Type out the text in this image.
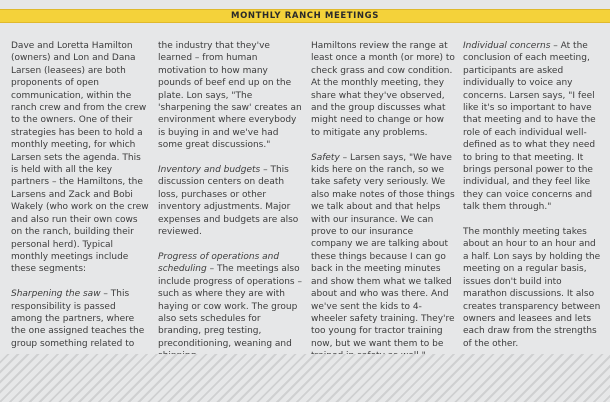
MONTHLY RANCH MEETINGS

Dave and Loretta Hamilton (owners) and Lon and Dana Larsen (leasees) are both proponents of open communication, within the ranch crew and from the crew to the owners. One of their strategies has been to hold a monthly meeting, for which Larsen sets the agenda. This is held with all the key partners – the Hamiltons, the Larsens and Zack and Bobi Wakely (who work on the crew and also run their own cows on the ranch, building their personal herd). Typical monthly meetings include these segments:

Sharpening the saw – This responsibility is passed among the partners, where the one assigned teaches the group something related to

the industry that they've learned – from human motivation to how many pounds of beef end up on the plate. Lon says, "The 'sharpening the saw' creates an environment where everybody is buying in and we've had some great discussions."

Inventory and budgets – This discussion centers on death loss, purchases or other inventory adjustments. Major expenses and budgets are also reviewed.

Progress of operations and scheduling – The meetings also include progress of operations – such as where they are with haying or cow work. The group also sets schedules for branding, preg testing, preconditioning, weaning and

Hamiltons review the range at least once a month (or more) to check grass and cow condition. At the monthly meeting, they share what they've observed, and the group discusses what might need to change or how to mitigate any problems.

Safety – Larsen says, "We have kids here on the ranch, so we take safety very seriously. We also make notes of those things we talk about and that helps with our insurance. We can prove to our insurance company we are talking about these things because I can go back in the meeting minutes and show them what we talked about and who was there. And we've sent the kids to 4-wheeler safety training. They're too young for tractor training now, but we want them to be

Individual concerns – At the conclusion of each meeting, participants are asked individually to voice any concerns. Larsen says, "I feel like it's so important to have that meeting and to have the role of each individual well-defined as to what they need to bring to that meeting. It brings personal power to the individual, and they feel like they can voice concerns and talk them through."

The monthly meeting takes about an hour to an hour and a half. Lon says by holding the meeting on a regular basis, issues don't build into marathon discussions. It also creates transparency between owners and leasees and lets each draw from the strengths of the other.
